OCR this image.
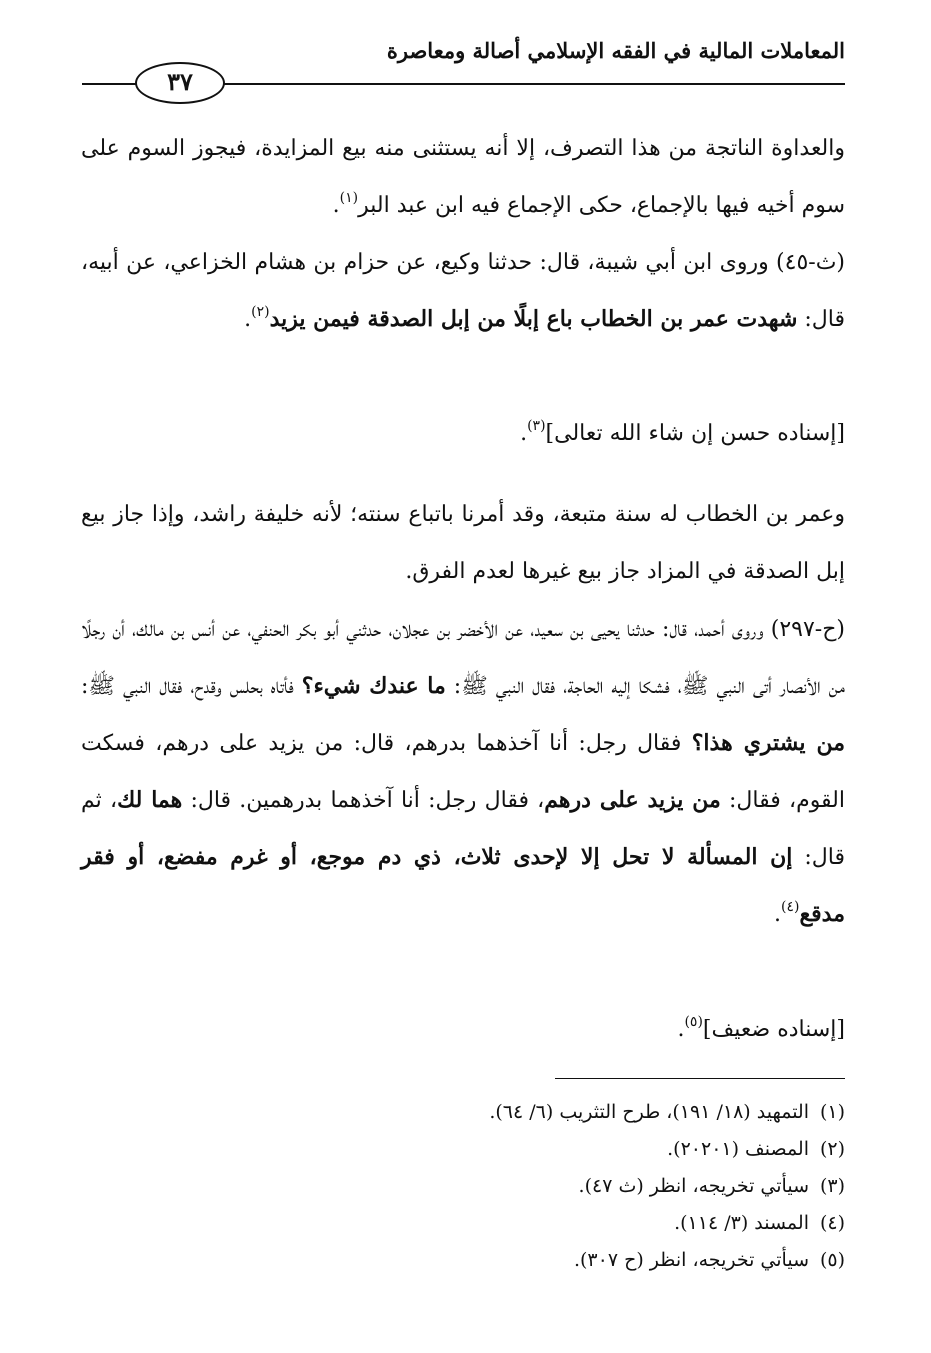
المعاملات المالية في الفقه الإسلامي أصالة ومعاصرة
٣٧

والعداوة الناتجة من هذا التصرف، إلا أنه يستثنى منه بيع المزايدة، فيجوز السوم على سوم أخيه فيها بالإجماع، حكى الإجماع فيه ابن عبد البر$^{(١)}$.

(ث-٤٥) وروى ابن أبي شيبة، قال: حدثنا وكيع، عن حزام بن هشام الخزاعي، عن أبيه، قال: شهدت عمر بن الخطاب باع إبلًا من إبل الصدقة فيمن يزيد$^{(٢)}$.

[إسناده حسن إن شاء الله تعالى]$^{(٣)}$.

وعمر بن الخطاب له سنة متبعة، وقد أمرنا باتباع سنته؛ لأنه خليفة راشد، وإذا جاز بيع إبل الصدقة في المزاد جاز بيع غيرها لعدم الفرق.

(ح-٢٩٧) وروى أحمد، قال: حدثنا يحيى بن سعيد، عن الأخضر بن عجلان، حدثني أبو بكر الحنفي، عن أنس بن مالك، أن رجلًا من الأنصار أتى النبي ﷺ، فشكا إليه الحاجة، فقال النبي ﷺ: ما عندك شيء؟ فأتاه بحلس وقدح، فقال النبي ﷺ: من يشتري هذا؟ فقال رجل: أنا آخذهما بدرهم، قال: من يزيد على درهم، فسكت القوم، فقال: من يزيد على درهم، فقال رجل: أنا آخذهما بدرهمين. قال: هما لك، ثم قال: إن المسألة لا تحل إلا لإحدى ثلاث، ذي دم موجع، أو غرم مفضع، أو فقر مدقع$^{(٤)}$.

[إسناده ضعيف]$^{(٥)}$.

(١)التمهيد (١٨/ ١٩١)، طرح التثريب (٦/ ٦٤).
(٢)المصنف (٢٠٢٠١).
(٣)سيأتي تخريجه، انظر (ث ٤٧).
(٤)المسند (٣/ ١١٤).
(٥)سيأتي تخريجه، انظر (ح ٣٠٧).
